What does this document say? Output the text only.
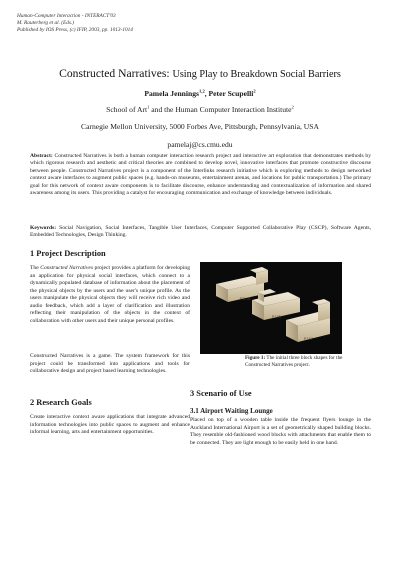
Human-Computer Interaction - INTERACT'03
M. Rauterberg et al. (Eds.)
Published by IOS Press, (c) IFIP, 2003, pp. 1013-1014
Constructed Narratives: Using Play to Breakdown Social Barriers
Pamela Jennings$^{1,2}$, Peter Scupelli$^2$
School of Art$^1$ and the Human Computer Interaction Institute$^2$
Carnegie Mellon University, 5000 Forbes Ave, Pittsburgh, Pennsylvania, USA
pamelaj@cs.cmu.edu
Abstract: Constructed Narratives is both a human computer interaction research project and interactive art exploration that demonstrates methods by which rigorous research and aesthetic and critical theories are combined to develop novel, innovative interfaces that promote constructive discourse between people. Constructed Narratives project is a component of the Interlinks research initiative which is exploring methods to design networked context aware interfaces to augment public spaces (e.g. hands-on museums, entertainment arenas, and locations for public transportation.) The primary goal for this network of context aware components is to facilitate discourse, enhance understanding and contextualization of information and shared awareness among its users. This providing a catalyst for encouraging communication and exchange of knowledge between individuals.
Keywords: Social Navigation, Social Interfaces, Tangible User Interfaces, Computer Supported Collaborative Play (CSCP), Software Agents, Embedded Technologies, Design Thinking.
1 Project Description
The Constructed Narratives project provides a platform for developing an application for physical social interfaces, which connect to a dynamically populated database of information about the placement of the physical objects by the users and the user's unique profile. As the users manipulate the physical objects they will receive rich video and audio feedback, which add a layer of clarification and illustration reflecting their manipulation of the objects in the context of collaboration with other users and their unique personal profiles.
Constructed Narratives is a game. The system framework for this project could be transformed into applications and tools for collaborative design and project based learning technologies.
2 Research Goals
Create interactive context aware applications that integrate advanced information technologies into public spaces to augment and enhance informal learning, arts and entertainment opportunities.
P.B.28
P.105
P.107
Figure 1: The initial three block shapes for the Constructed Narratives project.
3 Scenario of Use
3.1 Airport Waiting Lounge
Placed on top of a wooden table inside the frequent flyers lounge in the Auckland International Airport is a set of geometrically shaped building blocks. They resemble old-fashioned wood blocks with attachments that enable them to be connected. They are light enough to be easily held in one hand.
